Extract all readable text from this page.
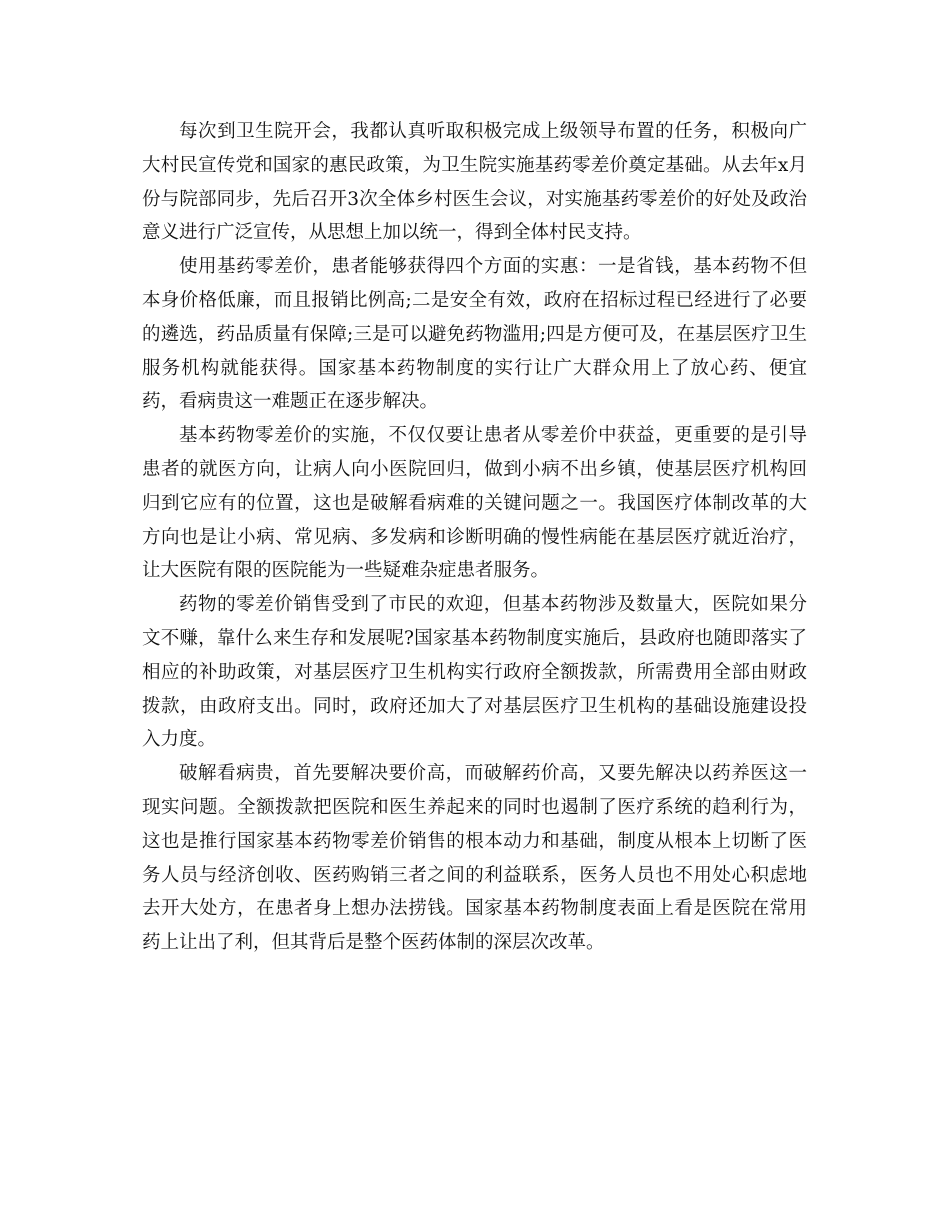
每次到卫生院开会，我都认真听取积极完成上级领导布置的任务，积极向广大村民宣传党和国家的惠民政策，为卫生院实施基药零差价奠定基础。从去年x月份与院部同步，先后召开3次全体乡村医生会议，对实施基药零差价的好处及政治意义进行广泛宣传，从思想上加以统一，得到全体村民支持。

使用基药零差价，患者能够获得四个方面的实惠：一是省钱，基本药物不但本身价格低廉，而且报销比例高;二是安全有效，政府在招标过程已经进行了必要的遴选，药品质量有保障;三是可以避免药物滥用;四是方便可及，在基层医疗卫生服务机构就能获得。国家基本药物制度的实行让广大群众用上了放心药、便宜药，看病贵这一难题正在逐步解决。

基本药物零差价的实施，不仅仅要让患者从零差价中获益，更重要的是引导患者的就医方向，让病人向小医院回归，做到小病不出乡镇，使基层医疗机构回归到它应有的位置，这也是破解看病难的关键问题之一。我国医疗体制改革的大方向也是让小病、常见病、多发病和诊断明确的慢性病能在基层医疗就近治疗，让大医院有限的医院能为一些疑难杂症患者服务。

药物的零差价销售受到了市民的欢迎，但基本药物涉及数量大，医院如果分文不赚，靠什么来生存和发展呢?国家基本药物制度实施后，县政府也随即落实了相应的补助政策，对基层医疗卫生机构实行政府全额拨款，所需费用全部由财政拨款，由政府支出。同时，政府还加大了对基层医疗卫生机构的基础设施建设投入力度。

破解看病贵，首先要解决要价高，而破解药价高，又要先解决以药养医这一现实问题。全额拨款把医院和医生养起来的同时也遏制了医疗系统的趋利行为，这也是推行国家基本药物零差价销售的根本动力和基础，制度从根本上切断了医务人员与经济创收、医药购销三者之间的利益联系，医务人员也不用处心积虑地去开大处方，在患者身上想办法捞钱。国家基本药物制度表面上看是医院在常用药上让出了利，但其背后是整个医药体制的深层次改革。
